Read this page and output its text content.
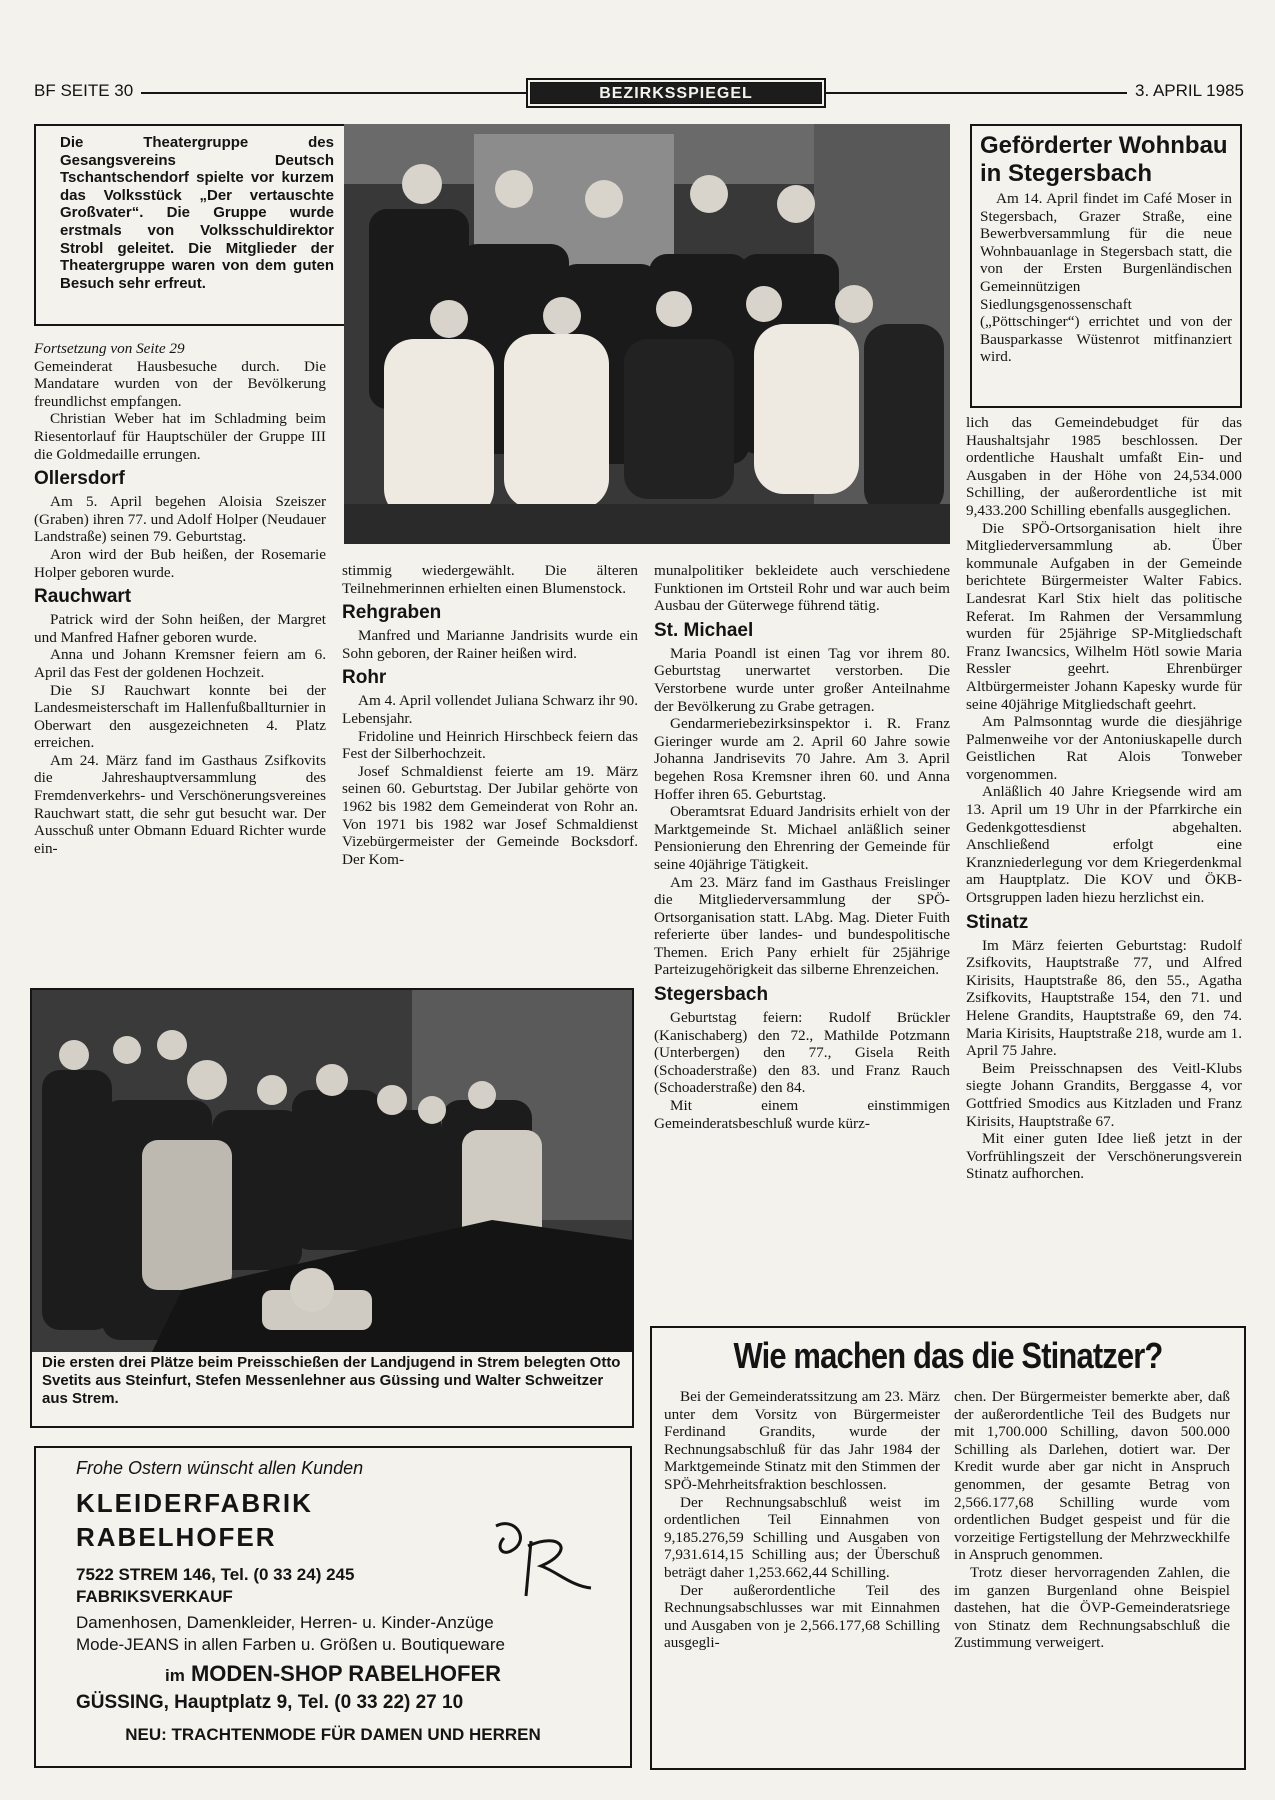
BF SEITE 30	BEZIRKSSPIEGEL	3. APRIL 1985
Die Theatergruppe des Gesangsvereins Deutsch Tschantschendorf spielte vor kurzem das Volksstück „Der vertauschte Großvater“. Die Gruppe wurde erstmals von Volksschuldirektor Strobl geleitet. Die Mitglieder der Theatergruppe waren von dem guten Besuch sehr erfreut.
Geförderter Wohnbau
in Stegersbach

Am 14. April findet im Café Moser in Stegersbach, Grazer Straße, eine Bewerbversammlung für die neue Wohnbauanlage in Stegersbach statt, die von der Ersten Burgenländischen Gemeinnützigen Siedlungsgenossenschaft („Pöttschinger“) errichtet und von der Bausparkasse Wüstenrot mitfinanziert wird.

Fortsetzung von Seite 29

Gemeinderat Hausbesuche durch. Die Mandatare wurden von der Bevölkerung freundlichst empfangen.

Christian Weber hat im Schladming beim Riesentorlauf für Hauptschüler der Gruppe III die Goldmedaille errungen.

Ollersdorf

Am 5. April begehen Aloisia Szeiszer (Graben) ihren 77. und Adolf Holper (Neudauer Landstraße) seinen 79. Geburtstag.

Aron wird der Bub heißen, der Rosemarie Holper geboren wurde.

Rauchwart

Patrick wird der Sohn heißen, der Margret und Manfred Hafner geboren wurde.

Anna und Johann Kremsner feiern am 6. April das Fest der goldenen Hochzeit.

Die SJ Rauchwart konnte bei der Landesmeisterschaft im Hallenfußballturnier in Oberwart den ausgezeichneten 4. Platz erreichen.

Am 24. März fand im Gasthaus Zsifkovits die Jahreshauptversammlung des Fremdenverkehrs- und Verschönerungsvereines Rauchwart statt, die sehr gut besucht war. Der Ausschuß unter Obmann Eduard Richter wurde ein-

stimmig wiedergewählt. Die älteren Teilnehmerinnen erhielten einen Blumenstock.

Rehgraben

Manfred und Marianne Jandrisits wurde ein Sohn geboren, der Rainer heißen wird.

Rohr

Am 4. April vollendet Juliana Schwarz ihr 90. Lebensjahr.

Fridoline und Heinrich Hirschbeck feiern das Fest der Silberhochzeit.

Josef Schmaldienst feierte am 19. März seinen 60. Geburtstag. Der Jubilar gehörte von 1962 bis 1982 dem Gemeinderat von Rohr an. Von 1971 bis 1982 war Josef Schmaldienst Vizebürgermeister der Gemeinde Bocksdorf. Der Kom-

munalpolitiker bekleidete auch verschiedene Funktionen im Ortsteil Rohr und war auch beim Ausbau der Güterwege führend tätig.

St. Michael

Maria Poandl ist einen Tag vor ihrem 80. Geburtstag unerwartet verstorben. Die Verstorbene wurde unter großer Anteilnahme der Bevölkerung zu Grabe getragen.

Gendarmeriebezirksinspektor i. R. Franz Gieringer wurde am 2. April 60 Jahre sowie Johanna Jandrisevits 70 Jahre. Am 3. April begehen Rosa Kremsner ihren 60. und Anna Hoffer ihren 65. Geburtstag.

Oberamtsrat Eduard Jandrisits erhielt von der Marktgemeinde St. Michael anläßlich seiner Pensionierung den Ehrenring der Gemeinde für seine 40jährige Tätigkeit.

Am 23. März fand im Gasthaus Freislinger die Mitgliederversammlung der SPÖ-Ortsorganisation statt. LAbg. Mag. Dieter Fuith referierte über landes- und bundespolitische Themen. Erich Pany erhielt für 25jährige Parteizugehörigkeit das silberne Ehrenzeichen.

Stegersbach

Geburtstag feiern: Rudolf Brückler (Kanischaberg) den 72., Mathilde Potzmann (Unterbergen) den 77., Gisela Reith (Schoaderstraße) den 83. und Franz Rauch (Schoaderstraße) den 84.

Mit einem einstimmigen Gemeinderatsbeschluß wurde kürz-

lich das Gemeindebudget für das Haushaltsjahr 1985 beschlossen. Der ordentliche Haushalt umfaßt Ein- und Ausgaben in der Höhe von 24,534.000 Schilling, der außerordentliche ist mit 9,433.200 Schilling ebenfalls ausgeglichen.

Die SPÖ-Ortsorganisation hielt ihre Mitgliederversammlung ab. Über kommunale Aufgaben in der Gemeinde berichtete Bürgermeister Walter Fabics. Landesrat Karl Stix hielt das politische Referat. Im Rahmen der Versammlung wurden für 25jährige SP-Mitgliedschaft Franz Iwancsics, Wilhelm Hötl sowie Maria Ressler geehrt. Ehrenbürger Altbürgermeister Johann Kapesky wurde für seine 40jährige Mitgliedschaft geehrt.

Am Palmsonntag wurde die diesjährige Palmenweihe vor der Antoniuskapelle durch Geistlichen Rat Alois Tonweber vorgenommen.

Anläßlich 40 Jahre Kriegsende wird am 13. April um 19 Uhr in der Pfarrkirche ein Gedenkgottesdienst abgehalten. Anschließend erfolgt eine Kranzniederlegung vor dem Kriegerdenkmal am Hauptplatz. Die KOV und ÖKB-Ortsgruppen laden hiezu herzlichst ein.

Stinatz

Im März feierten Geburtstag: Rudolf Zsifkovits, Hauptstraße 77, und Alfred Kirisits, Hauptstraße 86, den 55., Agatha Zsifkovits, Hauptstraße 154, den 71. und Helene Grandits, Hauptstraße 69, den 74. Maria Kirisits, Hauptstraße 218, wurde am 1. April 75 Jahre.

Beim Preisschnapsen des Veitl-Klubs siegte Johann Grandits, Berggasse 4, vor Gottfried Smodics aus Kitzladen und Franz Kirisits, Hauptstraße 67.

Mit einer guten Idee ließ jetzt in der Vorfrühlingszeit der Verschönerungsverein Stinatz aufhorchen.

Die ersten drei Plätze beim Preisschießen der Landjugend in Strem belegten Otto Svetits aus Steinfurt, Stefen Messenlehner aus Güssing und Walter Schweitzer aus Strem.
Frohe Ostern wünscht allen Kunden
KLEIDERFABRIK
RABELHOFER
7522 STREM 146, Tel. (0 33 24) 245
FABRIKSVERKAUF
Damenhosen, Damenkleider, Herren- u. Kinder-Anzüge
Mode-JEANS in allen Farben u. Größen u. Boutiqueware
im MODEN-SHOP RABELHOFER
GÜSSING, Hauptplatz 9, Tel. (0 33 22) 27 10
NEU: TRACHTENMODE FÜR DAMEN UND HERREN
Wie machen das die Stinatzer?

Bei der Gemeinderatssitzung am 23. März unter dem Vorsitz von Bürgermeister Ferdinand Grandits, wurde der Rechnungsabschluß für das Jahr 1984 der Marktgemeinde Stinatz mit den Stimmen der SPÖ-Mehrheitsfraktion beschlossen.

Der Rechnungsabschluß weist im ordentlichen Teil Einnahmen von 9,185.276,59 Schilling und Ausgaben von 7,931.614,15 Schilling aus; der Überschuß beträgt daher 1,253.662,44 Schilling.

Der außerordentliche Teil des Rechnungsabschlusses war mit Einnahmen und Ausgaben von je 2,566.177,68 Schilling ausgegli-

chen. Der Bürgermeister bemerkte aber, daß der außerordentliche Teil des Budgets nur mit 1,700.000 Schilling, davon 500.000 Schilling als Darlehen, dotiert war. Der Kredit wurde aber gar nicht in Anspruch genommen, der gesamte Betrag von 2,566.177,68 Schilling wurde vom ordentlichen Budget gespeist und für die vorzeitige Fertigstellung der Mehrzweckhilfe in Anspruch genommen.

Trotz dieser hervorragenden Zahlen, die im ganzen Burgenland ohne Beispiel dastehen, hat die ÖVP-Gemeinderatsriege von Stinatz dem Rechnungsabschluß die Zustimmung verweigert.
